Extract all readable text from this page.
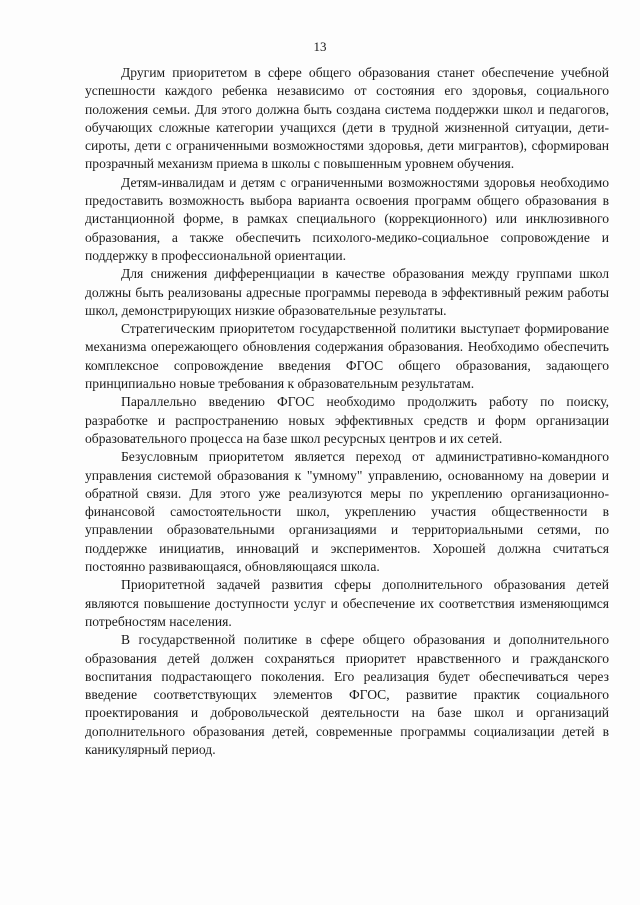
13

Другим приоритетом в сфере общего образования станет обеспечение учебной успешности каждого ребенка независимо от состояния его здоровья, социального положения семьи. Для этого должна быть создана система поддержки школ и педагогов, обучающих сложные категории учащихся (дети в трудной жизненной ситуации, дети-сироты, дети с ограниченными возможностями здоровья, дети мигрантов), сформирован прозрачный механизм приема в школы с повышенным уровнем обучения.

Детям-инвалидам и детям с ограниченными возможностями здоровья необходимо предоставить возможность выбора варианта освоения программ общего образования в дистанционной форме, в рамках специального (коррекционного) или инклюзивного образования, а также обеспечить психолого-медико-социальное сопровождение и поддержку в профессиональной ориентации.

Для снижения дифференциации в качестве образования между группами школ должны быть реализованы адресные программы перевода в эффективный режим работы школ, демонстрирующих низкие образовательные результаты.

Стратегическим приоритетом государственной политики выступает формирование механизма опережающего обновления содержания образования. Необходимо обеспечить комплексное сопровождение введения ФГОС общего образования, задающего принципиально новые требования к образовательным результатам.

Параллельно введению ФГОС необходимо продолжить работу по поиску, разработке и распространению новых эффективных средств и форм организации образовательного процесса на базе школ ресурсных центров и их сетей.

Безусловным приоритетом является переход от административно-командного управления системой образования к "умному" управлению, основанному на доверии и обратной связи. Для этого уже реализуются меры по укреплению организационно-финансовой самостоятельности школ, укреплению участия общественности в управлении образовательными организациями и территориальными сетями, по поддержке инициатив, инноваций и экспериментов. Хорошей должна считаться постоянно развивающаяся, обновляющаяся школа.

Приоритетной задачей развития сферы дополнительного образования детей являются повышение доступности услуг и обеспечение их соответствия изменяющимся потребностям населения.

В государственной политике в сфере общего образования и дополнительного образования детей должен сохраняться приоритет нравственного и гражданского воспитания подрастающего поколения. Его реализация будет обеспечиваться через введение соответствующих элементов ФГОС, развитие практик социального проектирования и добровольческой деятельности на базе школ и организаций дополнительного образования детей, современные программы социализации детей в каникулярный период.
